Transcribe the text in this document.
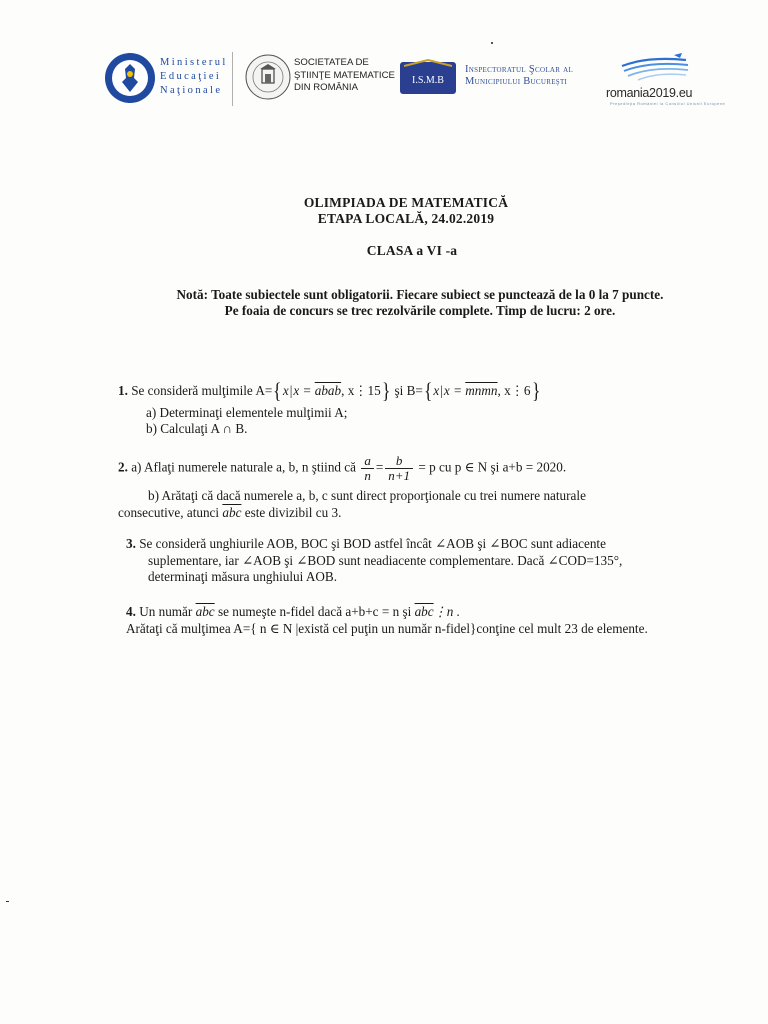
Ministerul
Educaţiei
Naţionale
SOCIETATEA DE
ŞTIINŢE MATEMATICE
DIN ROMÂNIA
I.S.M.B
Inspectoratul Şcolar al
Municipiului Bucureşti
romania2019.eu
Preşedinţia României la Consiliul Uniunii Europene
OLIMPIADA DE MATEMATICĂ
ETAPA LOCALĂ, 24.02.2019
CLASA a VI -a
Notă: Toate subiectele sunt obligatorii. Fiecare subiect se punctează de la 0 la 7 puncte.
Pe foaia de concurs se trec rezolvările complete. Timp de lucru: 2 ore.
1. Se consideră mulţimile A={x|x = abab, x⋮15} şi B={x|x = mnmn, x⋮6}
a) Determinaţi elementele mulţimii A;
b) Calculaţi A ∩ B.
2. a) Aflaţi numerele naturale a, b, n ştiind că $\frac{a}{n} = \frac{b}{n+1} = p$ cu p ∈ N şi a+b = 2020.
b) Arătaţi că dacă numerele a, b, c sunt direct proporţionale cu trei numere naturale
consecutive, atunci $\overline{abc}$ este divizibil cu 3.
3. Se consideră unghiurile AOB, BOC şi BOD astfel încât ∠AOB şi ∠BOC sunt adiacente
suplementare, iar ∠AOB şi ∠BOD sunt neadiacente complementare. Dacă ∠COD=135°,
determinaţi măsura unghiului AOB.
4. Un număr $\overline{abc}$ se numeşte n-fidel dacă a+b+c = n şi $\overline{abc}⋮n$ .
Arătaţi că mulţimea A={ n ∈ N |există cel puţin un număr n-fidel}conţine cel mult 23 de elemente.
